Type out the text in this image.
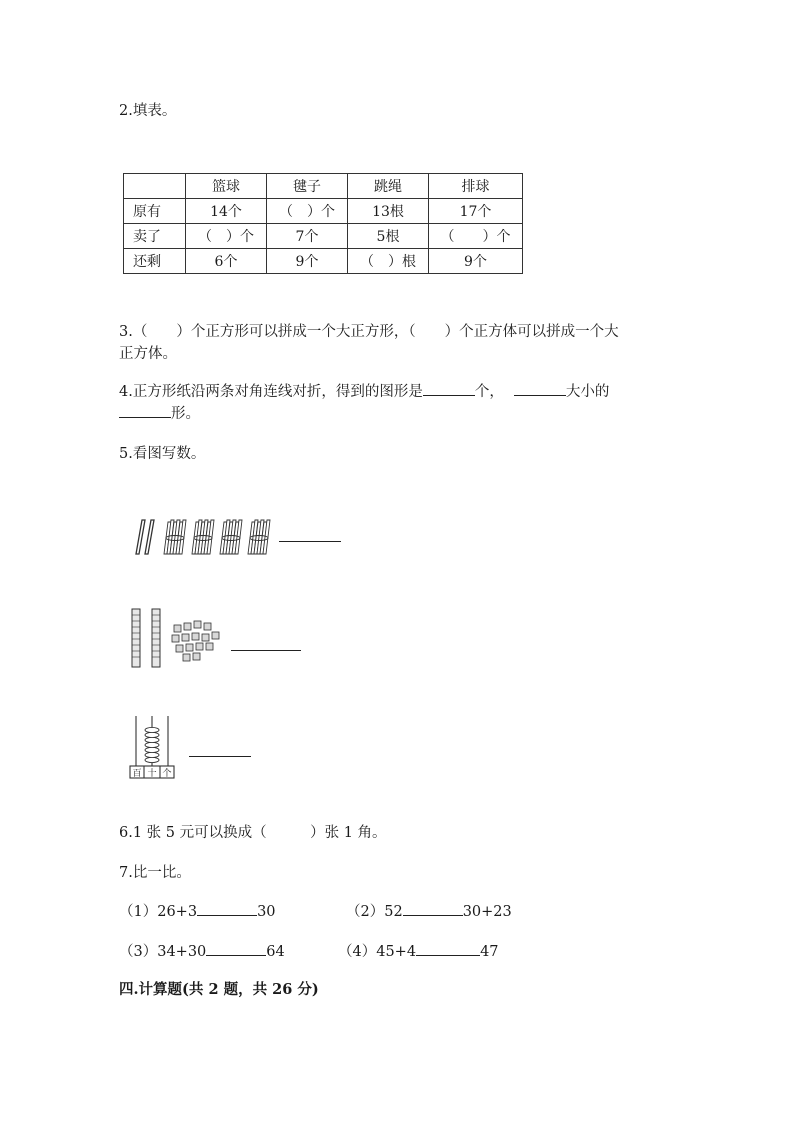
2.填表。
	篮球	毽子	跳绳	排球
原有	14个	（　）个	13根	17个
卖了	（　）个	7个	5根	（　　）个
还剩	6个	9个	（　）根	9个
3.（　　）个正方形可以拼成一个大正方形，（　　）个正方体可以拼成一个大
正方体。
4.正方形纸沿两条对角连线对折，得到的图形是	个，	大小的
形。
5.看图写数。
百 十 个
6.1 张 5 元可以换成（　　　）张 1 角。
7.比一比。
（1）26+3	30	（2）52	30+23
（3）34+30	64	（4）45+4	47
四.计算题(共 2 题，共 26 分)
